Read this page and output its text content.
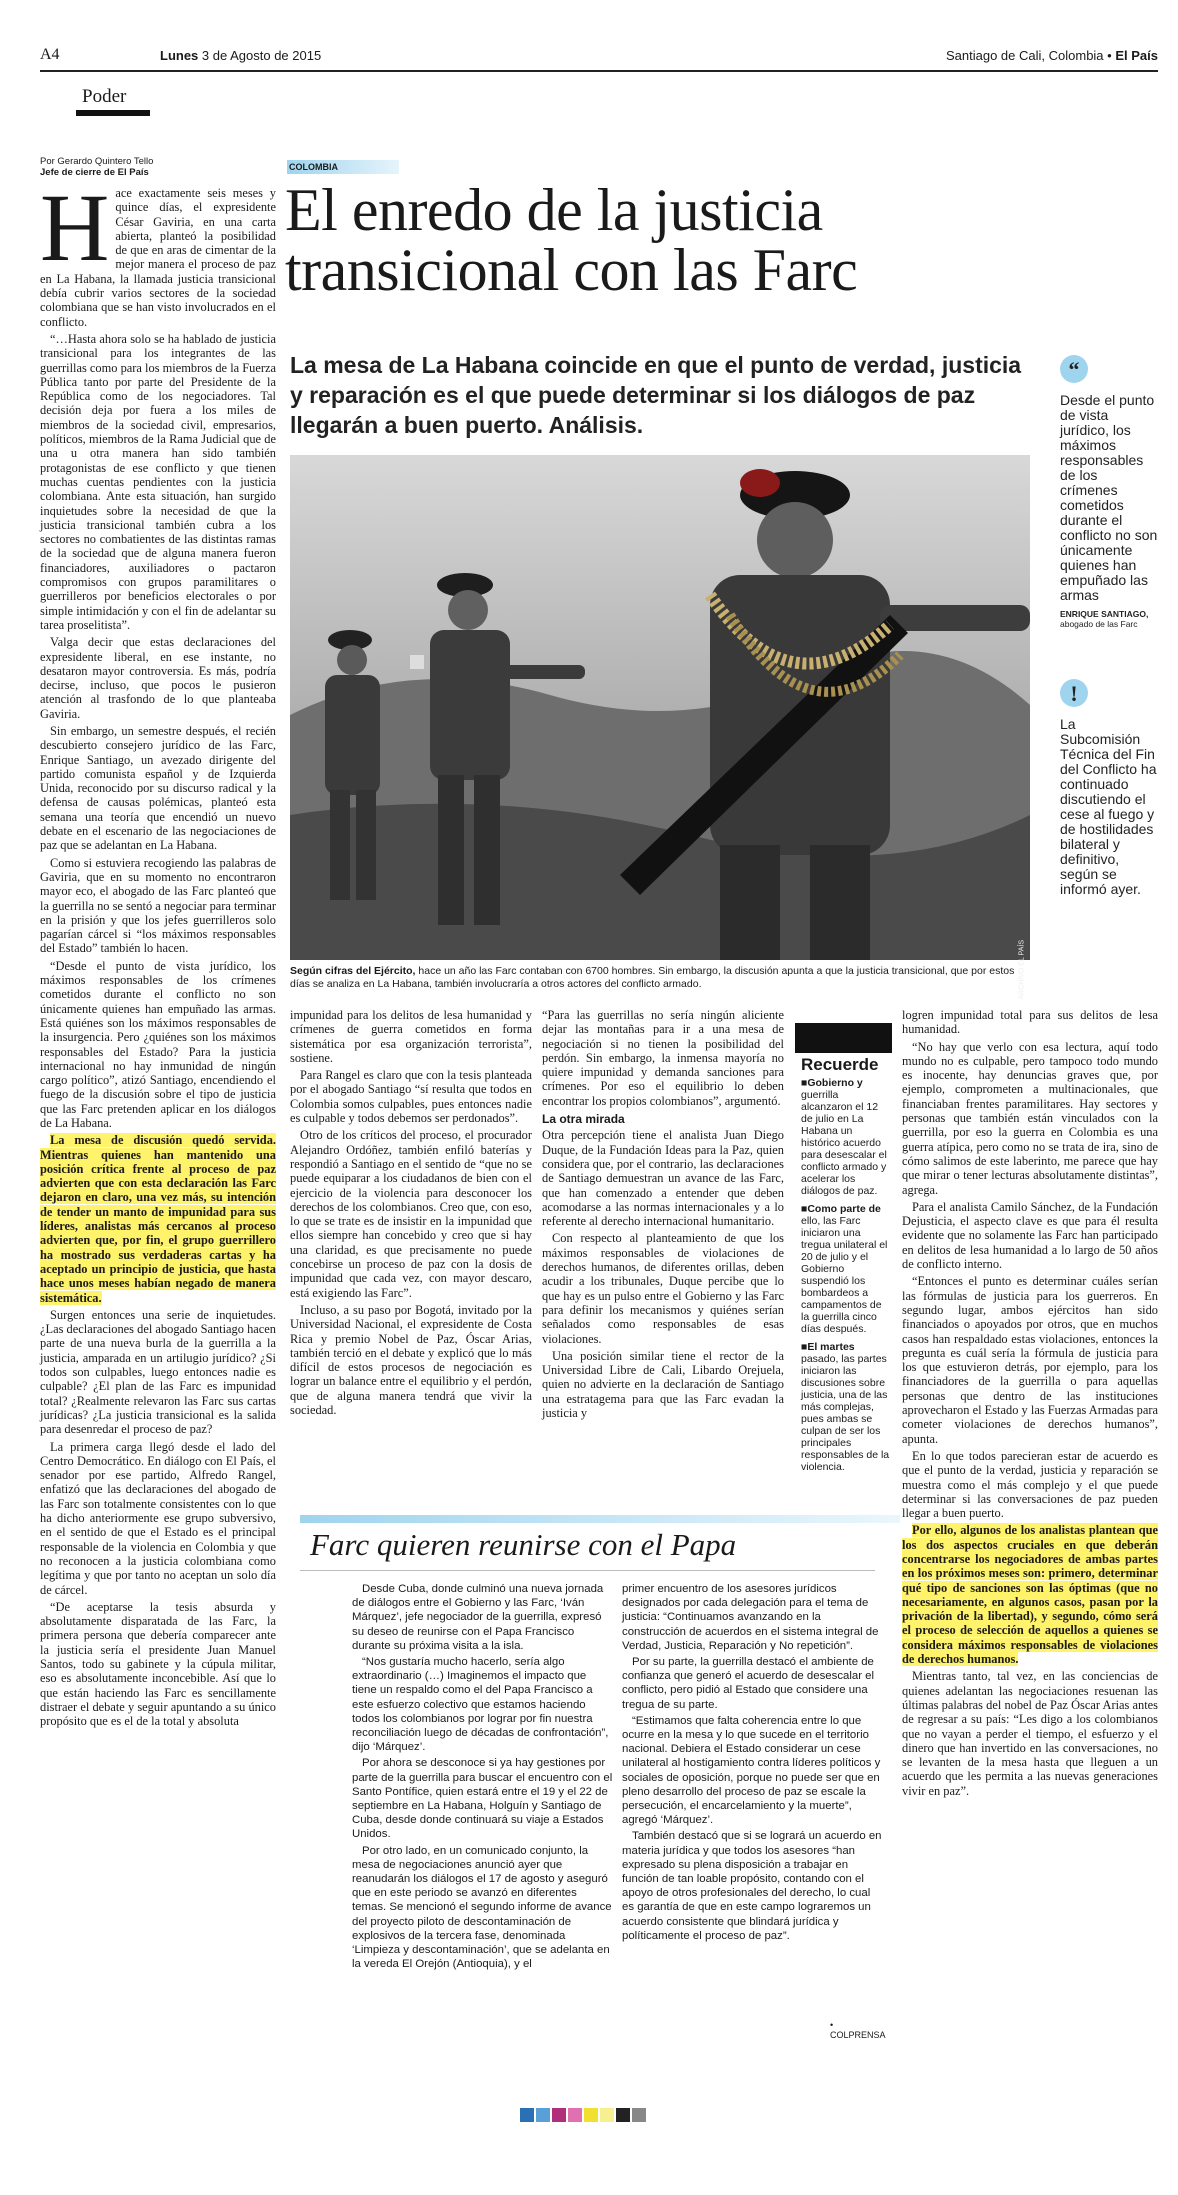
A4	Lunes 3 de Agosto de 2015	Santiago de Cali, Colombia • El País
Poder
Por Gerardo Quintero Tello
Jefe de cierre de El País

Hace exactamente seis meses y quince días, el expresidente César Gaviria, en una carta abierta, planteó la posibilidad de que en aras de cimentar de la mejor manera el proceso de paz en La Habana, la llamada justicia transicional debía cubrir varios sectores de la sociedad colombiana que se han visto involucrados en el conflicto.

“…Hasta ahora solo se ha hablado de justicia transicional para los integrantes de las guerrillas como para los miembros de la Fuerza Pública tanto por parte del Presidente de la República como de los negociadores. Tal decisión deja por fuera a los miles de miembros de la sociedad civil, empresarios, políticos, miembros de la Rama Judicial que de una u otra manera han sido también protagonistas de ese conflicto y que tienen muchas cuentas pendientes con la justicia colombiana. Ante esta situación, han surgido inquietudes sobre la necesidad de que la justicia transicional también cubra a los sectores no combatientes de las distintas ramas de la sociedad que de alguna manera fueron financiadores, auxiliadores o pactaron compromisos con grupos paramilitares o guerrilleros por beneficios electorales o por simple intimidación y con el fin de adelantar su tarea proselitista”.

Valga decir que estas declaraciones del expresidente liberal, en ese instante, no desataron mayor controversia. Es más, podría decirse, incluso, que pocos le pusieron atención al trasfondo de lo que planteaba Gaviria.

Sin embargo, un semestre después, el recién descubierto consejero jurídico de las Farc, Enrique Santiago, un avezado dirigente del partido comunista español y de Izquierda Unida, reconocido por su discurso radical y la defensa de causas polémicas, planteó esta semana una teoría que encendió un nuevo debate en el escenario de las negociaciones de paz que se adelantan en La Habana.

Como si estuviera recogiendo las palabras de Gaviria, que en su momento no encontraron mayor eco, el abogado de las Farc planteó que la guerrilla no se sentó a negociar para terminar en la prisión y que los jefes guerrilleros solo pagarían cárcel si “los máximos responsables del Estado” también lo hacen.

“Desde el punto de vista jurídico, los máximos responsables de los crímenes cometidos durante el conflicto no son únicamente quienes han empuñado las armas. Está quiénes son los máximos responsables de la insurgencia. Pero ¿quiénes son los máximos responsables del Estado? Para la justicia internacional no hay inmunidad de ningún cargo político”, atizó Santiago, encendiendo el fuego de la discusión sobre el tipo de justicia que las Farc pretenden aplicar en los diálogos de La Habana.

La mesa de discusión quedó servida. Mientras quienes han mantenido una posición crítica frente al proceso de paz advierten que con esta declaración las Farc dejaron en claro, una vez más, su intención de tender un manto de impunidad para sus líderes, analistas más cercanos al proceso advierten que, por fin, el grupo guerrillero ha mostrado sus verdaderas cartas y ha aceptado un principio de justicia, que hasta hace unos meses habían negado de manera sistemática.

Surgen entonces una serie de inquietudes. ¿Las declaraciones del abogado Santiago hacen parte de una nueva burla de la guerrilla a la justicia, amparada en un artilugio jurídico? ¿Si todos son culpables, luego entonces nadie es culpable? ¿El plan de las Farc es impunidad total? ¿Realmente relevaron las Farc sus cartas jurídicas? ¿La justicia transicional es la salida para desenredar el proceso de paz?

La primera carga llegó desde el lado del Centro Democrático. En diálogo con El País, el senador por ese partido, Alfredo Rangel, enfatizó que las declaraciones del abogado de las Farc son totalmente consistentes con lo que ha dicho anteriormente ese grupo subversivo, en el sentido de que el Estado es el principal responsable de la violencia en Colombia y que no reconocen a la justicia colombiana como legítima y que por tanto no aceptan un solo día de cárcel.

“De aceptarse la tesis absurda y absolutamente disparatada de las Farc, la primera persona que debería comparecer ante la justicia sería el presidente Juan Manuel Santos, todo su gabinete y la cúpula militar, eso es absolutamente inconcebible. Así que lo que están haciendo las Farc es sencillamente distraer el debate y seguir apuntando a su único propósito que es el de la total y absoluta

COLOMBIA
El enredo de la justicia transicional con las Farc
La mesa de La Habana coincide en que el punto de verdad, justicia y reparación es el que puede determinar si los diálogos de paz llegarán a buen puerto. Análisis.
ARCHIVO EL PAÍS
Según cifras del Ejército, hace un año las Farc contaban con 6700 hombres. Sin embargo, la discusión apunta a que la justicia transicional, que por estos días se analiza en La Habana, también involucraría a otros actores del conflicto armado.
“
Desde el punto de vista jurídico, los máximos responsables de los crímenes cometidos durante el conflicto no son únicamente quienes han empuñado las armas
ENRIQUE SANTIAGO, abogado de las Farc
!
La Subcomisión Técnica del Fin del Conflicto ha continuado discutiendo el cese al fuego y de hostilidades bilateral y definitivo, según se informó ayer.

impunidad para los delitos de lesa humanidad y crímenes de guerra cometidos en forma sistemática por esa organización terrorista”, sostiene.

Para Rangel es claro que con la tesis planteada por el abogado Santiago “sí resulta que todos en Colombia somos culpables, pues entonces nadie es culpable y todos debemos ser perdonados”.

Otro de los críticos del proceso, el procurador Alejandro Ordóñez, también enfiló baterías y respondió a Santiago en el sentido de “que no se puede equiparar a los ciudadanos de bien con el ejercicio de la violencia para desconocer los derechos de los colombianos. Creo que, con eso, lo que se trate es de insistir en la impunidad que ellos siempre han concebido y creo que si hay una claridad, es que precisamente no puede concebirse un proceso de paz con la dosis de impunidad que cada vez, con mayor descaro, está exigiendo las Farc”.

Incluso, a su paso por Bogotá, invitado por la Universidad Nacional, el expresidente de Costa Rica y premio Nobel de Paz, Óscar Arias, también terció en el debate y explicó que lo más difícil de estos procesos de negociación es lograr un balance entre el equilibrio y el perdón, que de alguna manera tendrá que vivir la sociedad.

“Para las guerrillas no sería ningún aliciente dejar las montañas para ir a una mesa de negociación si no tienen la posibilidad del perdón. Sin embargo, la inmensa mayoría no quiere impunidad y demanda sanciones para crímenes. Por eso el equilibrio lo deben encontrar los propios colombianos”, argumentó.

La otra mirada

Otra percepción tiene el analista Juan Diego Duque, de la Fundación Ideas para la Paz, quien considera que, por el contrario, las declaraciones de Santiago demuestran un avance de las Farc, que han comenzado a entender que deben acomodarse a las normas internacionales y a lo referente al derecho internacional humanitario.

Con respecto al planteamiento de que los máximos responsables de violaciones de derechos humanos, de diferentes orillas, deben acudir a los tribunales, Duque percibe que lo que hay es un pulso entre el Gobierno y las Farc para definir los mecanismos y quiénes serían señalados como responsables de esas violaciones.

Una posición similar tiene el rector de la Universidad Libre de Cali, Libardo Orejuela, quien no advierte en la declaración de Santiago una estratagema para que las Farc evadan la justicia y

Recuerde
■ Gobierno y guerrilla alcanzaron el 12 de julio en La Habana un histórico acuerdo para desescalar el conflicto armado y acelerar los diálogos de paz.
■ Como parte de ello, las Farc iniciaron una tregua unilateral el 20 de julio y el Gobierno suspendió los bombardeos a campamentos de la guerrilla cinco días después.
■ El martes pasado, las partes iniciaron las discusiones sobre justicia, una de las más complejas, pues ambas se culpan de ser los principales responsables de la violencia.

logren impunidad total para sus delitos de lesa humanidad.

“No hay que verlo con esa lectura, aquí todo mundo no es culpable, pero tampoco todo mundo es inocente, hay denuncias graves que, por ejemplo, comprometen a multinacionales, que financiaban frentes paramilitares. Hay sectores y personas que también están vinculados con la guerrilla, por eso la guerra en Colombia es una guerra atípica, pero como no se trata de ira, sino de cómo salimos de este laberinto, me parece que hay que mirar o tener lecturas absolutamente distintas”, agrega.

Para el analista Camilo Sánchez, de la Fundación Dejusticia, el aspecto clave es que para él resulta evidente que no solamente las Farc han participado en delitos de lesa humanidad a lo largo de 50 años de conflicto interno.

“Entonces el punto es determinar cuáles serían las fórmulas de justicia para los guerreros. En segundo lugar, ambos ejércitos han sido financiados o apoyados por otros, que en muchos casos han respaldado estas violaciones, entonces la pregunta es cuál sería la fórmula de justicia para los que estuvieron detrás, por ejemplo, para los financiadores de la guerrilla o para aquellas personas que dentro de las instituciones aprovecharon el Estado y las Fuerzas Armadas para cometer violaciones de derechos humanos”, apunta.

En lo que todos parecieran estar de acuerdo es que el punto de la verdad, justicia y reparación se muestra como el más complejo y el que puede determinar si las conversaciones de paz pueden llegar a buen puerto.

Por ello, algunos de los analistas plantean que los dos aspectos cruciales en que deberán concentrarse los negociadores de ambas partes en los próximos meses son: primero, determinar qué tipo de sanciones son las óptimas (que no necesariamente, en algunos casos, pasan por la privación de la libertad), y segundo, cómo será el proceso de selección de aquellos a quienes se considera máximos responsables de violaciones de derechos humanos.

Mientras tanto, tal vez, en las conciencias de quienes adelantan las negociaciones resuenan las últimas palabras del nobel de Paz Óscar Arias antes de regresar a su país: “Les digo a los colombianos que no vayan a perder el tiempo, el esfuerzo y el dinero que han invertido en las conversaciones, no se levanten de la mesa hasta que lleguen a un acuerdo que les permita a las nuevas generaciones vivir en paz”.

Farc quieren reunirse con el Papa

Desde Cuba, donde culminó una nueva jornada de diálogos entre el Gobierno y las Farc, ‘Iván Márquez’, jefe negociador de la guerrilla, expresó su deseo de reunirse con el Papa Francisco durante su próxima visita a la isla.

“Nos gustaría mucho hacerlo, sería algo extraordinario (…) Imaginemos el impacto que tiene un respaldo como el del Papa Francisco a este esfuerzo colectivo que estamos haciendo todos los colombianos por lograr por fin nuestra reconciliación luego de décadas de confrontación”, dijo ‘Márquez’.

Por ahora se desconoce si ya hay gestiones por parte de la guerrilla para buscar el encuentro con el Santo Pontífice, quien estará entre el 19 y el 22 de septiembre en La Habana, Holguín y Santiago de Cuba, desde donde continuará su viaje a Estados Unidos.

Por otro lado, en un comunicado conjunto, la mesa de negociaciones anunció ayer que reanudarán los diálogos el 17 de agosto y aseguró que en este periodo se avanzó en diferentes temas. Se mencionó el segundo informe de avance del proyecto piloto de descontaminación de explosivos de la tercera fase, denominada ‘Limpieza y descontaminación’, que se adelanta en la vereda El Orejón (Antioquia), y el

primer encuentro de los asesores jurídicos designados por cada delegación para el tema de justicia: “Continuamos avanzando en la construcción de acuerdos en el sistema integral de Verdad, Justicia, Reparación y No repetición”.

Por su parte, la guerrilla destacó el ambiente de confianza que generó el acuerdo de desescalar el conflicto, pero pidió al Estado que considere una tregua de su parte.

“Estimamos que falta coherencia entre lo que ocurre en la mesa y lo que sucede en el territorio nacional. Debiera el Estado considerar un cese unilateral al hostigamiento contra líderes políticos y sociales de oposición, porque no puede ser que en pleno desarrollo del proceso de paz se escale la persecución, el encarcelamiento y la muerte”, agregó ‘Márquez’.

También destacó que si se logrará un acuerdo en materia jurídica y que todos los asesores “han expresado su plena disposición a trabajar en función de tan loable propósito, contando con el apoyo de otros profesionales del derecho, lo cual es garantía de que en este campo lograremos un acuerdo consistente que blindará jurídica y políticamente el proceso de paz”.

• COLPRENSA
